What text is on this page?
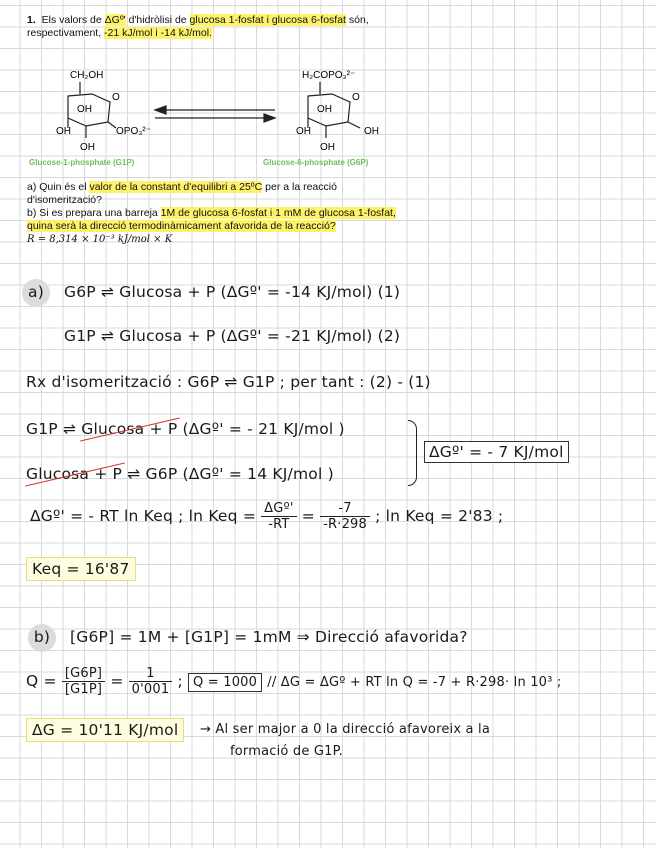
1. Els valors de ΔGº' d'hidròlisi de glucosa 1-fosfat i glucosa 6-fosfat són,
respectivament, -21 kJ/mol i -14 kJ/mol.
CH₂OH
O
OH
OH	OPO₃²⁻
OH
H₂COPO₃²⁻
O
OH
OH	OH
OH
Glucose-1-phosphate (G1P)	Glucose-6-phosphate (G6P)
a) Quin és el valor de la constant d'equilibri a 25ºC per a la reacció
d'isomerització?
b) Si es prepara una barreja 1M de glucosa 6-fosfat i 1 mM de glucosa 1-fosfat,
quina serà la direcció termodinàmicament afavorida de la reacció?
R = 8,314 × 10⁻³ kJ/mol × K
a)	G6P ⇌ Glucosa + P (ΔGº' = -14 KJ/mol) (1)
G1P ⇌ Glucosa + P (ΔGº' = -21 KJ/mol) (2)
Rx d'isomerització : G6P ⇌ G1P ; per tant : (2) - (1)
G1P ⇌ Glucosa + P (ΔGº' = - 21 KJ/mol )
Glucosa + P ⇌ G6P (ΔGº' = 14 KJ/mol )
ΔGº' = - 7 KJ/mol
ΔGº' = - RT ln Keq ; ln Keq = $\frac{\text{ΔGº'}}{-RT} = \frac{-7}{-R\cdot 298}$ ; ln Keq = 2'83 ;
Keq = 16'87
b)	[G6P] = 1M + [G1P] = 1mM ⇒ Direcció afavorida?
$Q = \frac{[G6P]}{[G1P]} = \frac{1}{0'001}$ ; Q = 1000 // ΔG = ΔGº + RT ln Q = -7 + R·298· ln 10³ ;
ΔG = 10'11 KJ/mol	→ Al ser major a 0 la direcció afavoreix a la
formació de G1P.
